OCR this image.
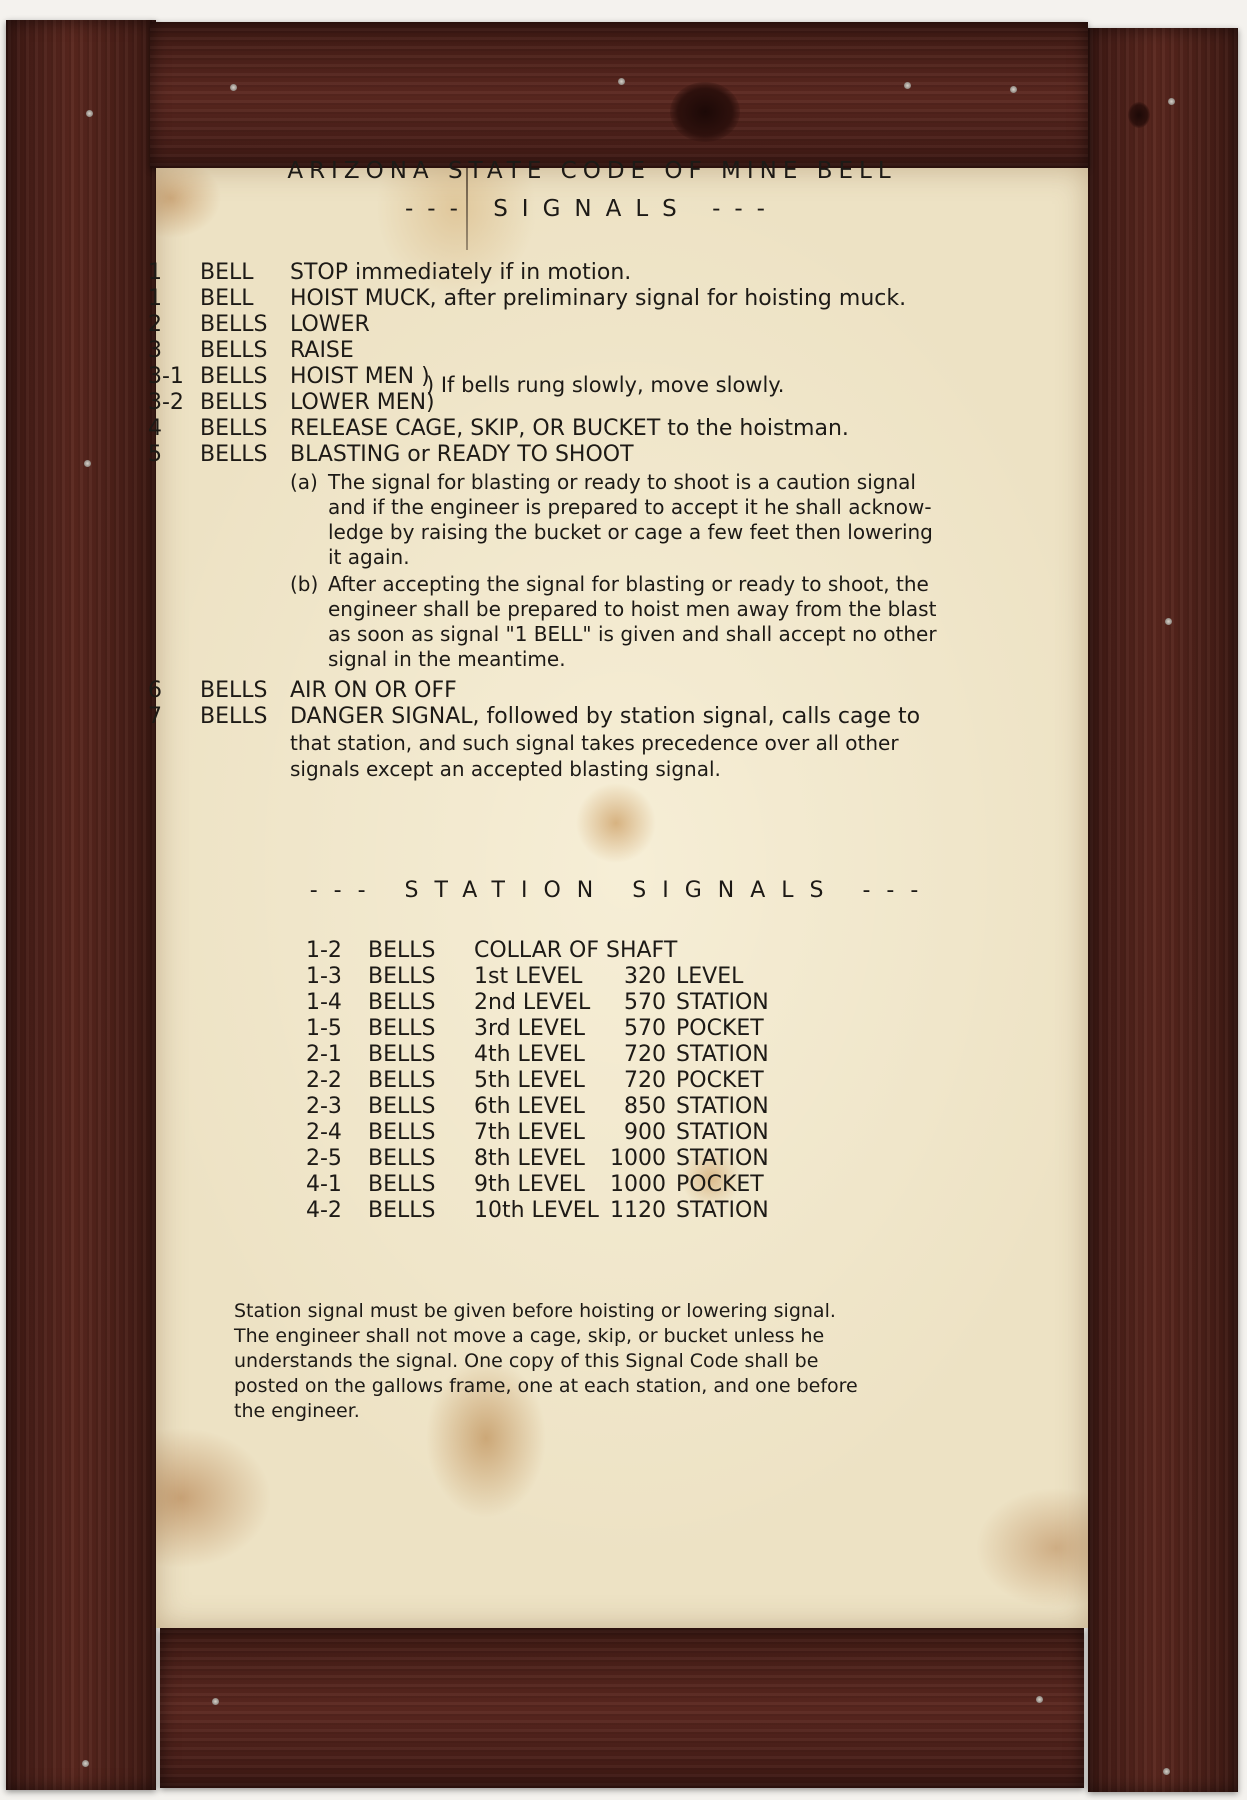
ARIZONA STATE CODE OF MINE BELL
--- SIGNALS ---
1	BELL	STOP immediately if in motion.
1	BELL	HOIST MUCK, after preliminary signal for hoisting muck.
2	BELLS	LOWER
3	BELLS	RAISE
3-1 BELLS	HOIST MEN )
3-2 BELLS	LOWER MEN)
4	BELLS	RELEASE CAGE, SKIP, OR BUCKET to the hoistman.
5	BELLS	BLASTING or READY TO SHOOT
(a) The signal for blasting or ready to shoot is a caution signal and if the engineer is prepared to accept it he shall acknow-ledge by raising the bucket or cage a few feet then lowering it again.
(b) After accepting the signal for blasting or ready to shoot, the engineer shall be prepared to hoist men away from the blast as soon as signal "1 BELL" is given and shall accept no other signal in the meantime.
6	BELLS	AIR ON OR OFF
7	BELLS	DANGER SIGNAL, followed by station signal, calls cage to
that station, and such signal takes precedence over all other signals except an accepted blasting signal.
) If bells rung slowly, move slowly.
--- STATION SIGNALS ---
1-2	BELLS	COLLAR OF SHAFT
1-3	BELLS	1st LEVEL	320 LEVEL
1-4	BELLS	2nd LEVEL	570 STATION
1-5	BELLS	3rd LEVEL	570 POCKET
2-1	BELLS	4th LEVEL	720 STATION
2-2	BELLS	5th LEVEL	720 POCKET
2-3	BELLS	6th LEVEL	850 STATION
2-4	BELLS	7th LEVEL	900 STATION
2-5	BELLS	8th LEVEL	1000 STATION
4-1	BELLS	9th LEVEL	1000 POCKET
4-2	BELLS	10th LEVEL 1120 STATION

Station signal must be given before hoisting or lowering signal. The engineer shall not move a cage, skip, or bucket unless he understands the signal. One copy of this Signal Code shall be posted on the gallows frame, one at each station, and one before the engineer.
